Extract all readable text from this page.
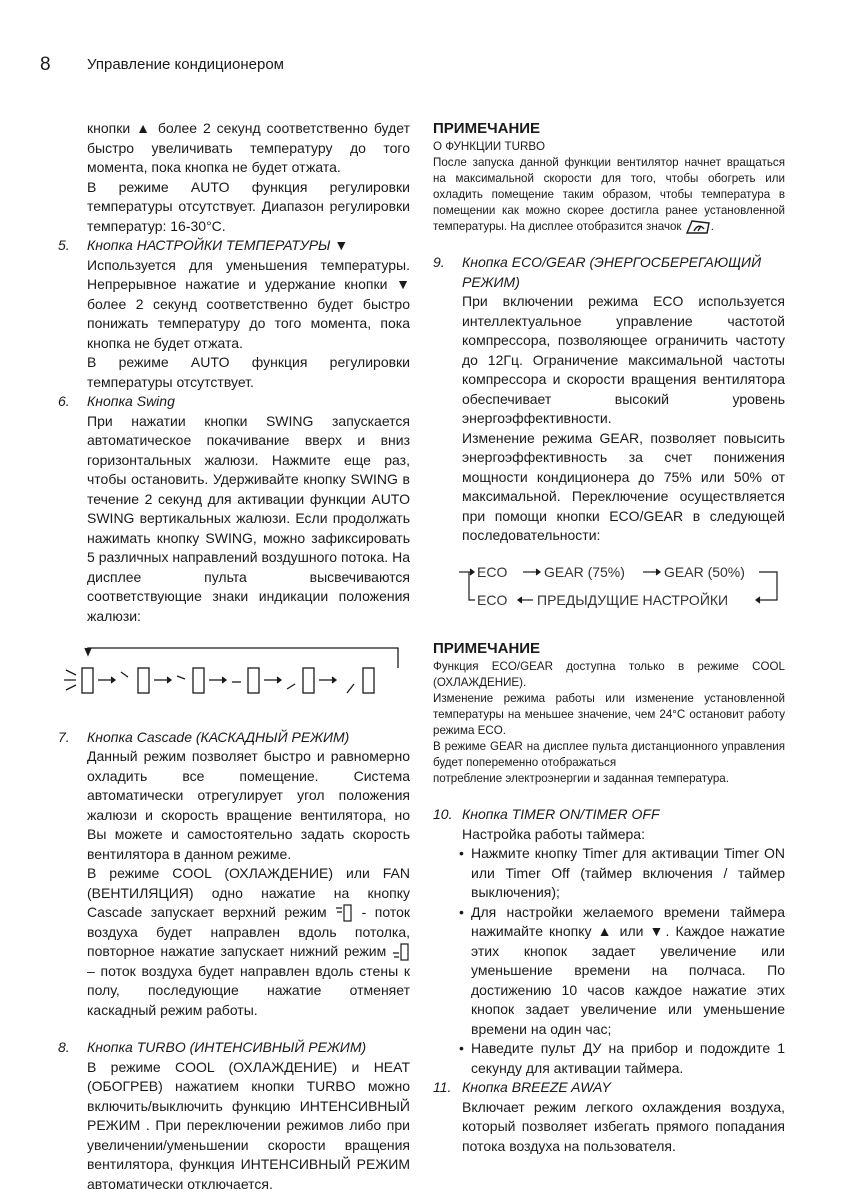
8 Управление кондиционером

кнопки ▲ более 2 секунд соответственно будет быстро увеличивать температуру до того момента, пока кнопка не будет отжата.

В режиме AUTO функция регулировки температуры отсутствует. Диапазон регулировки температур: 16-30°C.

5. Кнопка НАСТРОЙКИ ТЕМПЕРАТУРЫ ▼

Используется для уменьшения температуры. Непрерывное нажатие и удержание кнопки ▼ более 2 секунд соответственно будет быстро понижать температуру до того момента, пока кнопка не будет отжата.

В режиме AUTO функция регулировки температуры отсутствует.

6. Кнопка Swing

При нажатии кнопки SWING запускается автоматическое покачивание вверх и вниз горизонтальных жалюзи. Нажмите еще раз, чтобы остановить. Удерживайте кнопку SWING в течение 2 секунд для активации функции AUTO SWING вертикальных жалюзи. Если продолжать нажимать кнопку SWING, можно зафиксировать 5 различных направлений воздушного потока. На дисплее пульта высвечиваются соответствующие знаки индикации положения жалюзи:

7. Кнопка Cascade (КАСКАДНЫЙ РЕЖИМ)

Данный режим позволяет быстро и равномерно охладить все помещение. Система автоматически отрегулирует угол положения жалюзи и скорость вращение вентилятора, но Вы можете и самостоятельно задать скорость вентилятора в данном режиме.

В режиме COOL (ОХЛАЖДЕНИЕ) или FAN (ВЕНТИЛЯЦИЯ) одно нажатие на кнопку Cascade запускает верхний режим	- поток воздуха будет направлен вдоль потолка, повторное нажатие запускает нижний режим  – поток воздуха будет направлен вдоль стены к полу, последующие нажатие отменяет каскадный режим работы.

8. Кнопка TURBO (ИНТЕНСИВНЫЙ РЕЖИМ)

В режиме COOL (ОХЛАЖДЕНИЕ) и HEAT (ОБОГРЕВ) нажатием кнопки TURBO можно включить/выключить функцию ИНТЕНСИВНЫЙ РЕЖИМ . При переключении режимов либо при увеличении/уменьшении скорости вращения вентилятора, функция ИНТЕНСИВНЫЙ РЕЖИМ автоматически отключается.

ПРИМЕЧАНИЕ
О ФУНКЦИИ TURBO

После запуска данной функции вентилятор начнет вращаться на максимальной скорости для того, чтобы обогреть или охладить помещение таким образом, чтобы температура в помещении как можно скорее достигла ранее установленной температуры. На дисплее отобразится значок	.

9. Кнопка ECO/GEAR (ЭНЕРГОСБЕРЕГАЮЩИЙ РЕЖИМ)

При включении режима ECO используется интеллектуальное управление частотой компрессора, позволяющее ограничить частоту до 12Гц. Ограничение максимальной частоты компрессора и скорости вращения вентилятора обеспечивает высокий уровень энергоэффективности.

Изменение режима GEAR, позволяет повысить энергоэффективность за счет понижения мощности кондиционера до 75% или 50% от максимальной. Переключение осуществляется при помощи кнопки ECO/GEAR в следующей последовательности:

ECO	GEAR (75%)	GEAR (50%)
ECO ПРЕДЫДУЩИЕ НАСТРОЙКИ
ПРИМЕЧАНИЕ

Функция ECO/GEAR доступна только в режиме COOL (ОХЛАЖДЕНИЕ).

Изменение режима работы или изменение установленной температуры на меньшее значение, чем 24°C остановит работу режима ECO.

В режиме GEAR на дисплее пульта дистанционного управления будет попеременно отображаться

потребление электроэнергии и заданная температура.

10. Кнопка TIMER ON/TIMER OFF

Настройка работы таймера:

• Нажмите кнопку Timer для активации Timer ON или Timer Off (таймер включения / таймер выключения);
• Для настройки желаемого времени таймера нажимайте кнопку ▲ или ▼. Каждое нажатие этих кнопок задает увеличение или уменьшение времени на полчаса. По достижению 10 часов каждое нажатие этих кнопок задает увеличение или уменьшение времени на один час;
• Наведите пульт ДУ на прибор и подождите 1 секунду для активации таймера.
11. Кнопка BREEZE AWAY

Включает режим легкого охлаждения воздуха, который позволяет избегать прямого попадания потока воздуха на пользователя.
